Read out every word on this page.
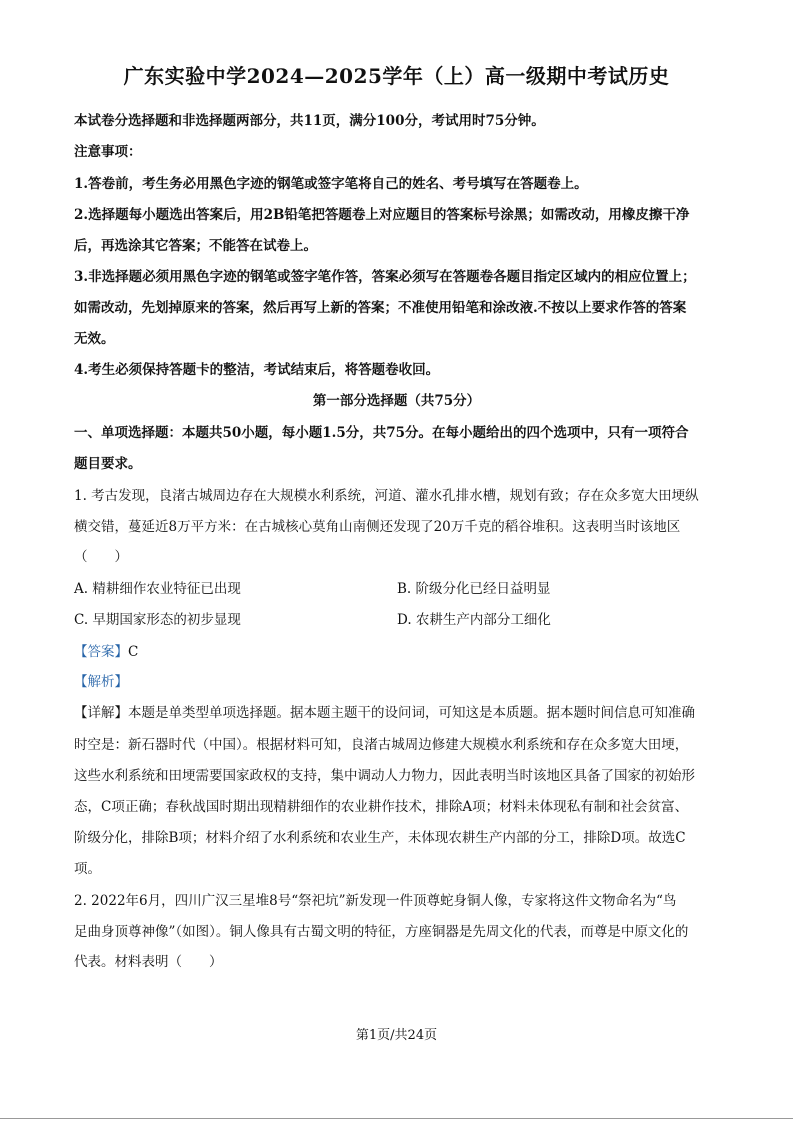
广东实验中学2024—2025学年（上）高一级期中考试历史
本试卷分选择题和非选择题两部分，共11页，满分100分，考试用时75分钟。
注意事项：
1.答卷前，考生务必用黑色字迹的钢笔或签字笔将自己的姓名、考号填写在答题卷上。
2.选择题每小题选出答案后，用2B铅笔把答题卷上对应题目的答案标号涂黑；如需改动，用橡皮擦干净
后，再选涂其它答案；不能答在试卷上。
3.非选择题必须用黑色字迹的钢笔或签字笔作答，答案必须写在答题卷各题目指定区域内的相应位置上；
如需改动，先划掉原来的答案，然后再写上新的答案；不准使用铅笔和涂改液.不按以上要求作答的答案
无效。
4.考生必须保持答题卡的整洁，考试结束后，将答题卷收回。
第一部分选择题（共75分）
一、单项选择题：本题共50小题，每小题1.5分，共75分。在每小题给出的四个选项中，只有一项符合
题目要求。
1. 考古发现，良渚古城周边存在大规模水利系统，河道、灌水孔排水槽，规划有致；存在众多宽大田埂纵
横交错，蔓延近8万平方米：在古城核心莫角山南侧还发现了20万千克的稻谷堆积。这表明当时该地区
（　　）
A. 精耕细作农业特征已出现	B. 阶级分化已经日益明显
C. 早期国家形态的初步显现	D. 农耕生产内部分工细化
【答案】C
【解析】
【详解】本题是单类型单项选择题。据本题主题干的设问词，可知这是本质题。据本题时间信息可知准确
时空是：新石器时代（中国）。根据材料可知，良渚古城周边修建大规模水利系统和存在众多宽大田埂，
这些水利系统和田埂需要国家政权的支持，集中调动人力物力，因此表明当时该地区具备了国家的初始形
态，C项正确；春秋战国时期出现精耕细作的农业耕作技术，排除A项；材料未体现私有制和社会贫富、
阶级分化，排除B项；材料介绍了水利系统和农业生产，未体现农耕生产内部的分工，排除D项。故选C
项。
2. 2022年6月，四川广汉三星堆8号“祭祀坑”新发现一件顶尊蛇身铜人像，专家将这件文物命名为“鸟
足曲身顶尊神像”（如图）。铜人像具有古蜀文明的特征，方座铜器是先周文化的代表，而尊是中原文化的
代表。材料表明（　　）
第1页/共24页
